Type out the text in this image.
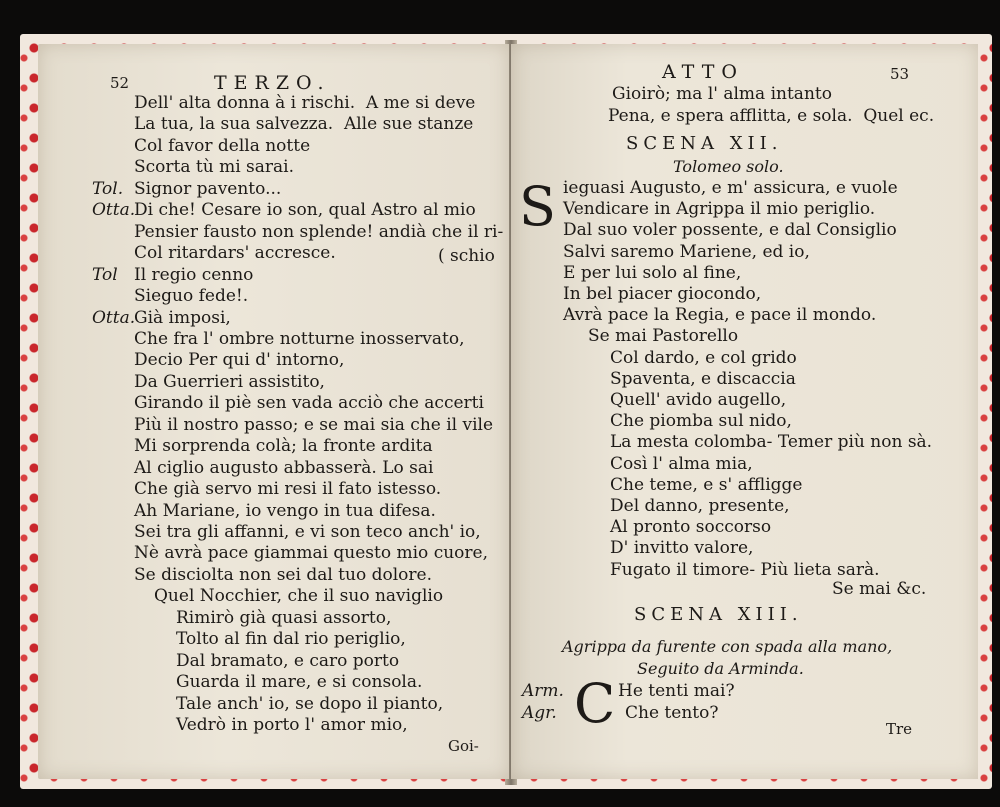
52	TERZO.
Dell' alta donna à i rischi.  A me si deve
La tua, la sua salvezza.  Alle sue stanze
Col favor della notte
Scorta tù mi sarai.
Tol. Signor pavento...
Otta.
Di che! Cesare io son, qual Astro al mio
Pensier fausto non splende! andià che il ri-
Col ritardars' accresce.
Tol Il regio cenno
Sieguo fede!.
Otta.
Già imposi,
Che fra l' ombre notturne inosservato,
Decio Per qui d' intorno,
Da Guerrieri assistito,
Girando il piè sen vada acciò che accerti
Più il nostro passo; e se mai sia che il vile
Mi sorprenda colà; la fronte ardita
Al ciglio augusto abbasserà. Lo sai
Che già servo mi resi il fato istesso.
Ah Mariane, io vengo in tua difesa.
Sei tra gli affanni, e vi son teco anch' io,
Nè avrà pace giammai questo mio cuore,
Se disciolta non sei dal tuo dolore.
Quel Nocchier, che il suo naviglio
Rimirò già quasi assorto,
Tolto al fin dal rio periglio,
Dal bramato, e caro porto
Guarda il mare, e si consola.
Tale anch' io, se dopo il pianto,
Vedrò in porto l' amor mio,
( schio
Goi-
ATTO	53
Gioirò; ma l' alma intanto
Pena, e spera afflitta, e sola.  Quel ec.
SCENA XII.
Tolomeo solo.
S ieguasi Augusto, e m' assicura, e vuole
Vendicare in Agrippa il mio periglio.
Dal suo voler possente, e dal Consiglio
Salvi saremo Mariene, ed io,
E per lui solo al fine,
In bel piacer giocondo,
Avrà pace la Regia, e pace il mondo.
Se mai Pastorello
Col dardo, e col grido
Spaventa, e discaccia
Quell' avido augello,
Che piomba sul nido,
La mesta colomba- Temer più non sà.
Così l' alma mia,
Che teme, e s' affligge
Del danno, presente,
Al pronto soccorso
D' invitto valore,
Fugato il timore- Più lieta sarà.
Se mai &c.
SCENA XIII.
Agrippa da furente con spada alla mano,
Seguito da Arminda.
C
Arm.	He tenti mai?
Agr.	Che tento?
Tre
